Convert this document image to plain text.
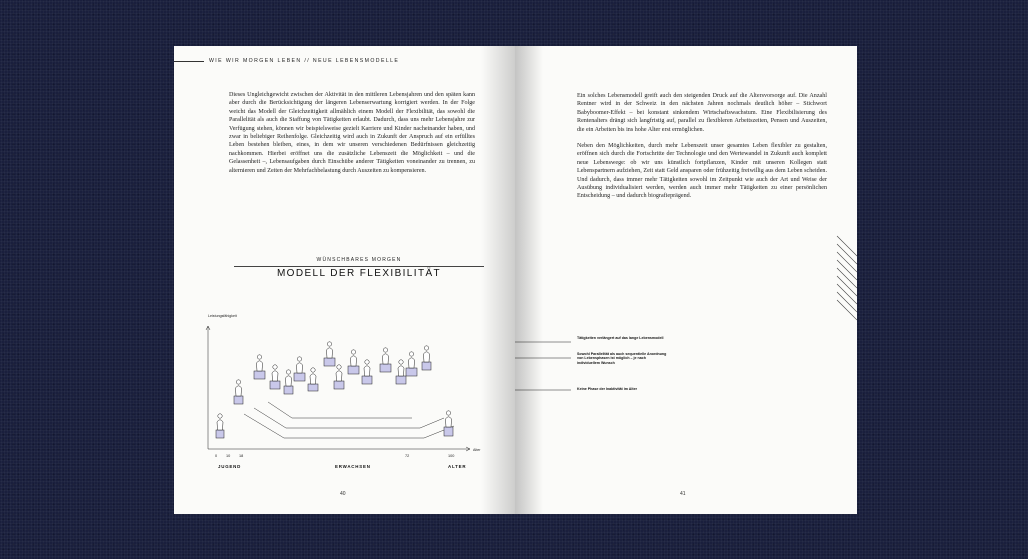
WIE WIR MORGEN LEBEN // NEUE LEBENSMODELLE

Dieses Ungleichgewicht zwischen der Aktivität in den mittleren Lebensjahren und den späten kann aber durch die Berücksichtigung der längeren Lebenserwartung korrigiert werden. In der Folge weicht das Modell der Gleichzeitigkeit allmählich einem Modell der Flexibilität, das sowohl die Parallelität als auch die Staffung von Tätigkeiten erlaubt. Dadurch, dass uns mehr Lebensjahre zur Verfügung stehen, können wir beispielsweise gezielt Karriere und Kinder nacheinander haben, und zwar in beliebiger Reihenfolge. Gleichzeitig wird auch in Zukunft der Anspruch auf ein erfülltes Leben bestehen bleiben, eines, in dem wir unseren verschiedenen Bedürfnissen gleichzeitig nachkommen. Hierbei eröffnet uns die zusätzliche Lebenszeit die Möglichkeit – und die Gelassenheit –, Lebensaufgaben durch Einschübe anderer Tätigkeiten voneinander zu trennen, zu alternieren und Zeiten der Mehrfachbelastung durch Auszeiten zu kompensieren.

WÜNSCHBARES MORGEN
MODELL DER FLEXIBILITÄT
Leistungsfähigkeit
Alter
0 10 18	72	100
JUGEND	ERWACHSEN	ALTER
40

Ein solches Lebensmodell greift auch den steigenden Druck auf die Altersvorsorge auf. Die Anzahl Rentner wird in der Schweiz in den nächsten Jahren nochmals deutlich höher – Stichwort Babyboomer-Effekt – bei konstant sinkendem Wirtschaftswachstum. Eine Flexibilisierung des Rentenalters drängt sich langfristig auf, parallel zu flexibleren Arbeitszeiten, Pensen und Auszeiten, die ein Arbeiten bis ins hohe Alter erst ermöglichen.

Neben den Möglichkeiten, durch mehr Lebenszeit unser gesamtes Leben flexibler zu gestalten, eröffnen sich durch die Fortschritte der Technologie und den Wertewandel in Zukunft auch komplett neue Lebenswege: ob wir uns künstlich fortpflanzen, Kinder mit unseren Kollegen statt Lebenspartnern aufziehen, Zeit statt Geld ansparen oder frühzeitig freiwillig aus dem Leben scheiden. Und dadurch, dass immer mehr Tätigkeiten sowohl im Zeitpunkt wie auch der Art und Weise der Ausübung individualisiert werden, werden auch immer mehr Tätigkeiten zu einer persönlichen Entscheidung – und dadurch biografieprägend.

Tätigkeiten verlängert auf das lange Lebensmodell
Sowohl Parallelität als auch sequentielle Anordnung von Lebensphasen ist möglich – je nach individuellem Wunsch
Keine Phase der Inaktivität im Alter
41
